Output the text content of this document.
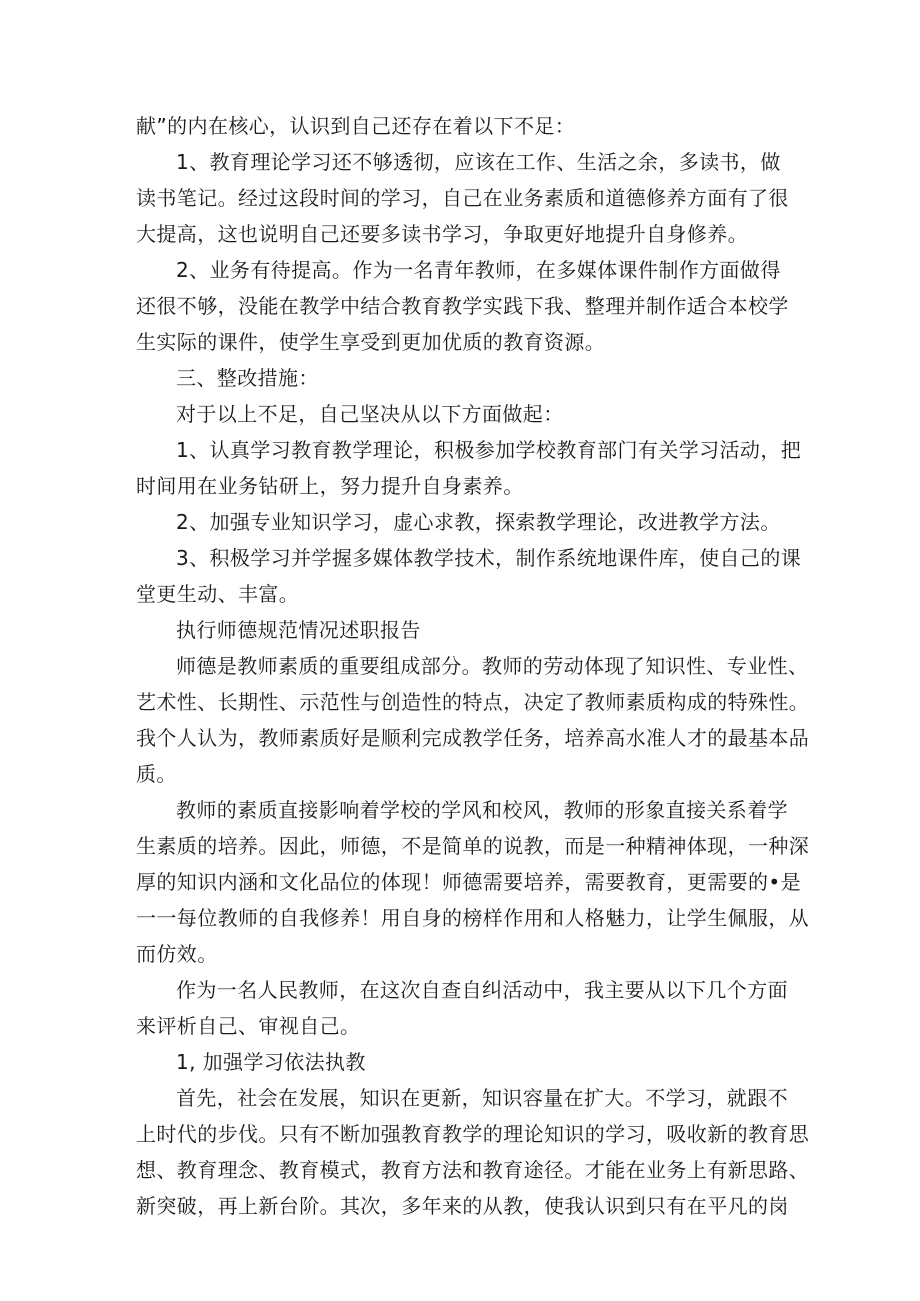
献”的内在核心，认识到自己还存在着以下不足：
1、教育理论学习还不够透彻，应该在工作、生活之余，多读书，做
读书笔记。经过这段时间的学习，自己在业务素质和道德修养方面有了很
大提高，这也说明自己还要多读书学习，争取更好地提升自身修养。
2、业务有待提高。作为一名青年教师，在多媒体课件制作方面做得
还很不够，没能在教学中结合教育教学实践下我、整理并制作适合本校学
生实际的课件，使学生享受到更加优质的教育资源。
三、整改措施：
对于以上不足，自己坚决从以下方面做起：
1、认真学习教育教学理论，积极参加学校教育部门有关学习活动，把
时间用在业务钻研上，努力提升自身素养。
2、加强专业知识学习，虚心求教，探索教学理论，改进教学方法。
3、积极学习并学握多媒体教学技术，制作系统地课件库，使自己的课
堂更生动、丰富。
执行师德规范情况述职报告
师德是教师素质的重要组成部分。教师的劳动体现了知识性、专业性、
艺术性、长期性、示范性与创造性的特点，决定了教师素质构成的特殊性。
我个人认为，教师素质好是顺利完成教学任务，培养高水准人才的最基本品
质。
教师的素质直接影响着学校的学风和校风，教师的形象直接关系着学
生素质的培养。因此，师德，不是简单的说教，而是一种精神体现，一种深
厚的知识内涵和文化品位的体现！师德需要培养，需要教育，更需要的•是
一一每位教师的自我修养！用自身的榜样作用和人格魅力，让学生佩服，从
而仿效。
作为一名人民教师，在这次自查自纠活动中，我主要从以下几个方面
来评析自己、审视自己。
1, 加强学习依法执教
首先，社会在发展，知识在更新，知识容量在扩大。不学习，就跟不
上时代的步伐。只有不断加强教育教学的理论知识的学习，吸收新的教育思
想、教育理念、教育模式，教育方法和教育途径。才能在业务上有新思路、
新突破，再上新台阶。其次，多年来的从教，使我认识到只有在平凡的岗
